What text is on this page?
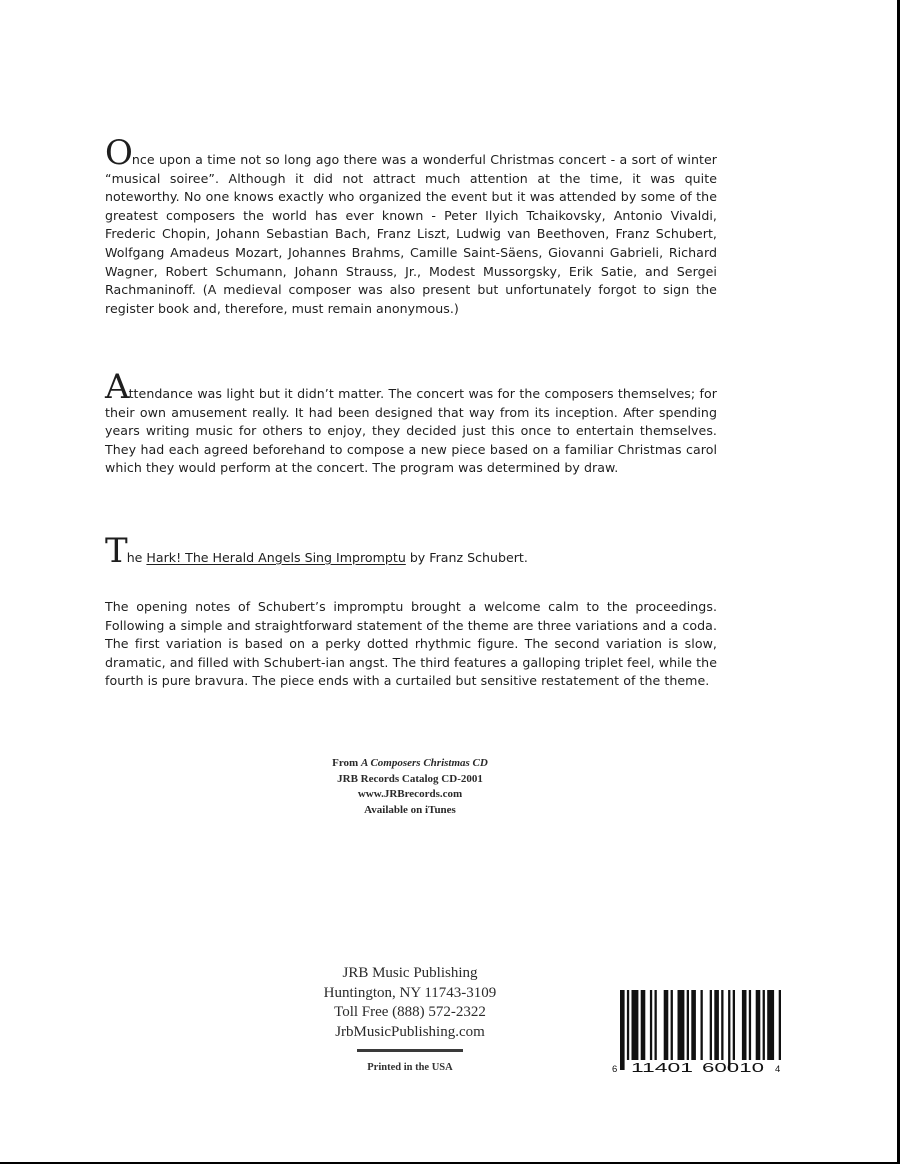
Once upon a time not so long ago there was a wonderful Christmas concert - a sort of winter “musical soiree”. Although it did not attract much attention at the time, it was quite noteworthy. No one knows exactly who organized the event but it was attended by some of the greatest composers the world has ever known - Peter Ilyich Tchaikovsky, Antonio Vivaldi, Frederic Chopin, Johann Sebastian Bach, Franz Liszt, Ludwig van Beethoven, Franz Schubert, Wolfgang Amadeus Mozart, Johannes Brahms, Camille Saint-Säens, Giovanni Gabrieli, Richard Wagner, Robert Schumann, Johann Strauss, Jr., Modest Mussorgsky, Erik Satie, and Sergei Rachmaninoff. (A medieval composer was also present but unfortunately forgot to sign the register book and, therefore, must remain anonymous.)

Attendance was light but it didn’t matter. The concert was for the composers themselves; for their own amusement really. It had been designed that way from its inception. After spending years writing music for others to enjoy, they decided just this once to entertain themselves. They had each agreed beforehand to compose a new piece based on a familiar Christmas carol which they would perform at the concert. The program was determined by draw.

The Hark! The Herald Angels Sing Impromptu by Franz Schubert.

The opening notes of Schubert’s impromptu brought a welcome calm to the proceedings. Following a simple and straightforward statement of the theme are three variations and a coda. The first variation is based on a perky dotted rhythmic figure. The second variation is slow, dramatic, and filled with Schubert-ian angst. The third features a galloping triplet feel, while the fourth is pure bravura. The piece ends with a curtailed but sensitive restatement of the theme.

From A Composers Christmas CD
JRB Records Catalog CD-2001
www.JRBrecords.com
Available on iTunes
JRB Music Publishing
Huntington, NY 11743-3109
Toll Free (888) 572-2322
JrbMusicPublishing.com
Printed in the USA	6 11401 60010 4
